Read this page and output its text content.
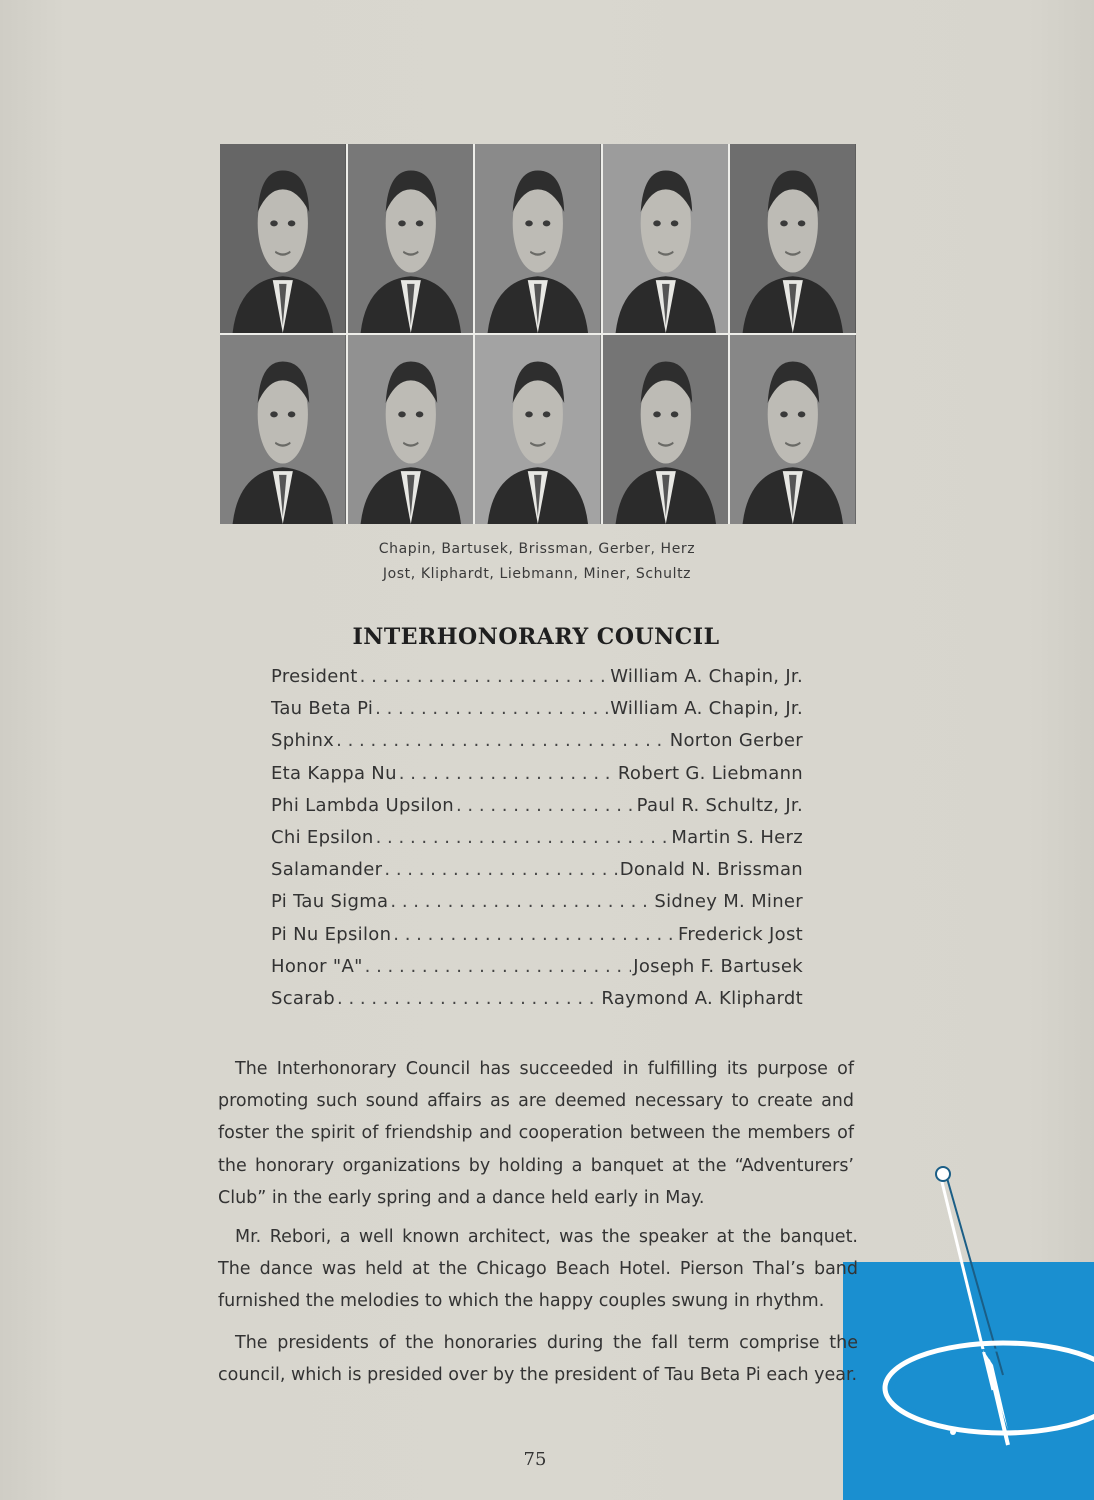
Chapin, Bartusek, Brissman, Gerber, Herz
Jost, Kliphardt, Liebmann, Miner, Schultz
INTERHONORARY COUNCIL
President . . .	William A. Chapin, Jr.
Tau Beta Pi . . .	William A. Chapin, Jr.
Sphinx . . .	Norton Gerber
Eta Kappa Nu . . .	Robert G. Liebmann
Phi Lambda Upsilon . . .	Paul R. Schultz, Jr.
Chi Epsilon . . .	Martin S. Herz
Salamander . . .	Donald N. Brissman
Pi Tau Sigma . . .	Sidney M. Miner
Pi Nu Epsilon . . .	Frederick Jost
Honor "A" . . .	Joseph F. Bartusek
Scarab . . .	Raymond A. Kliphardt

The Interhonorary Council has succeeded in fulfilling its purpose of promoting such sound affairs as are deemed necessary to create and foster the spirit of friendship and cooperation between the members of the honorary organizations by holding a banquet at the “Adventurers’ Club” in the early spring and a dance held early in May.

Mr. Rebori, a well known architect, was the speaker at the banquet. The dance was held at the Chicago Beach Hotel. Pierson Thal’s band furnished the melodies to which the happy couples swung in rhythm.

The presidents of the honoraries during the fall term comprise the council, which is presided over by the president of Tau Beta Pi each year.

75
